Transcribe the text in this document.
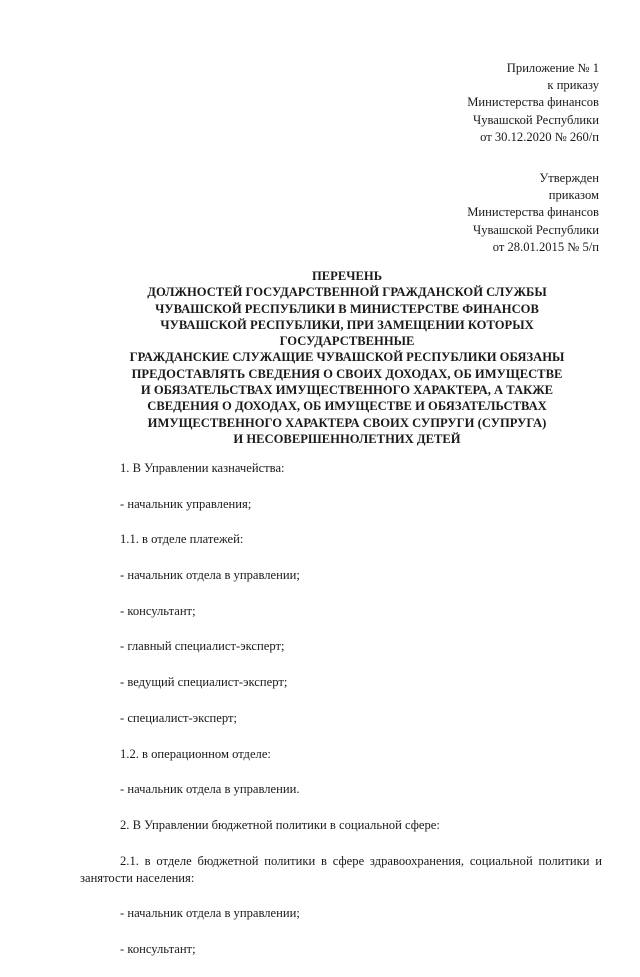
Приложение № 1
к приказу
Министерства финансов
Чувашской Республики
от 30.12.2020 № 260/п
Утвержден
приказом
Министерства финансов
Чувашской Республики
от 28.01.2015 № 5/п
ПЕРЕЧЕНЬ
ДОЛЖНОСТЕЙ ГОСУДАРСТВЕННОЙ ГРАЖДАНСКОЙ СЛУЖБЫ
ЧУВАШСКОЙ РЕСПУБЛИКИ В МИНИСТЕРСТВЕ ФИНАНСОВ
ЧУВАШСКОЙ РЕСПУБЛИКИ, ПРИ ЗАМЕЩЕНИИ КОТОРЫХ
ГОСУДАРСТВЕННЫЕ
ГРАЖДАНСКИЕ СЛУЖАЩИЕ ЧУВАШСКОЙ РЕСПУБЛИКИ ОБЯЗАНЫ
ПРЕДОСТАВЛЯТЬ СВЕДЕНИЯ О СВОИХ ДОХОДАХ, ОБ ИМУЩЕСТВЕ
И ОБЯЗАТЕЛЬСТВАХ ИМУЩЕСТВЕННОГО ХАРАКТЕРА, А ТАКЖЕ
СВЕДЕНИЯ О ДОХОДАХ, ОБ ИМУЩЕСТВЕ И ОБЯЗАТЕЛЬСТВАХ
ИМУЩЕСТВЕННОГО ХАРАКТЕРА СВОИХ СУПРУГИ (СУПРУГА)
И НЕСОВЕРШЕННОЛЕТНИХ ДЕТЕЙ

1. В Управлении казначейства:

- начальник управления;

1.1. в отделе платежей:

- начальник отдела в управлении;

- консультант;

- главный специалист-эксперт;

- ведущий специалист-эксперт;

- специалист-эксперт;

1.2. в операционном отделе:

- начальник отдела в управлении.

2. В Управлении бюджетной политики в социальной сфере:

2.1. в отделе бюджетной политики в сфере здравоохранения, социальной политики и занятости населения:

- начальник отдела в управлении;

- консультант;
